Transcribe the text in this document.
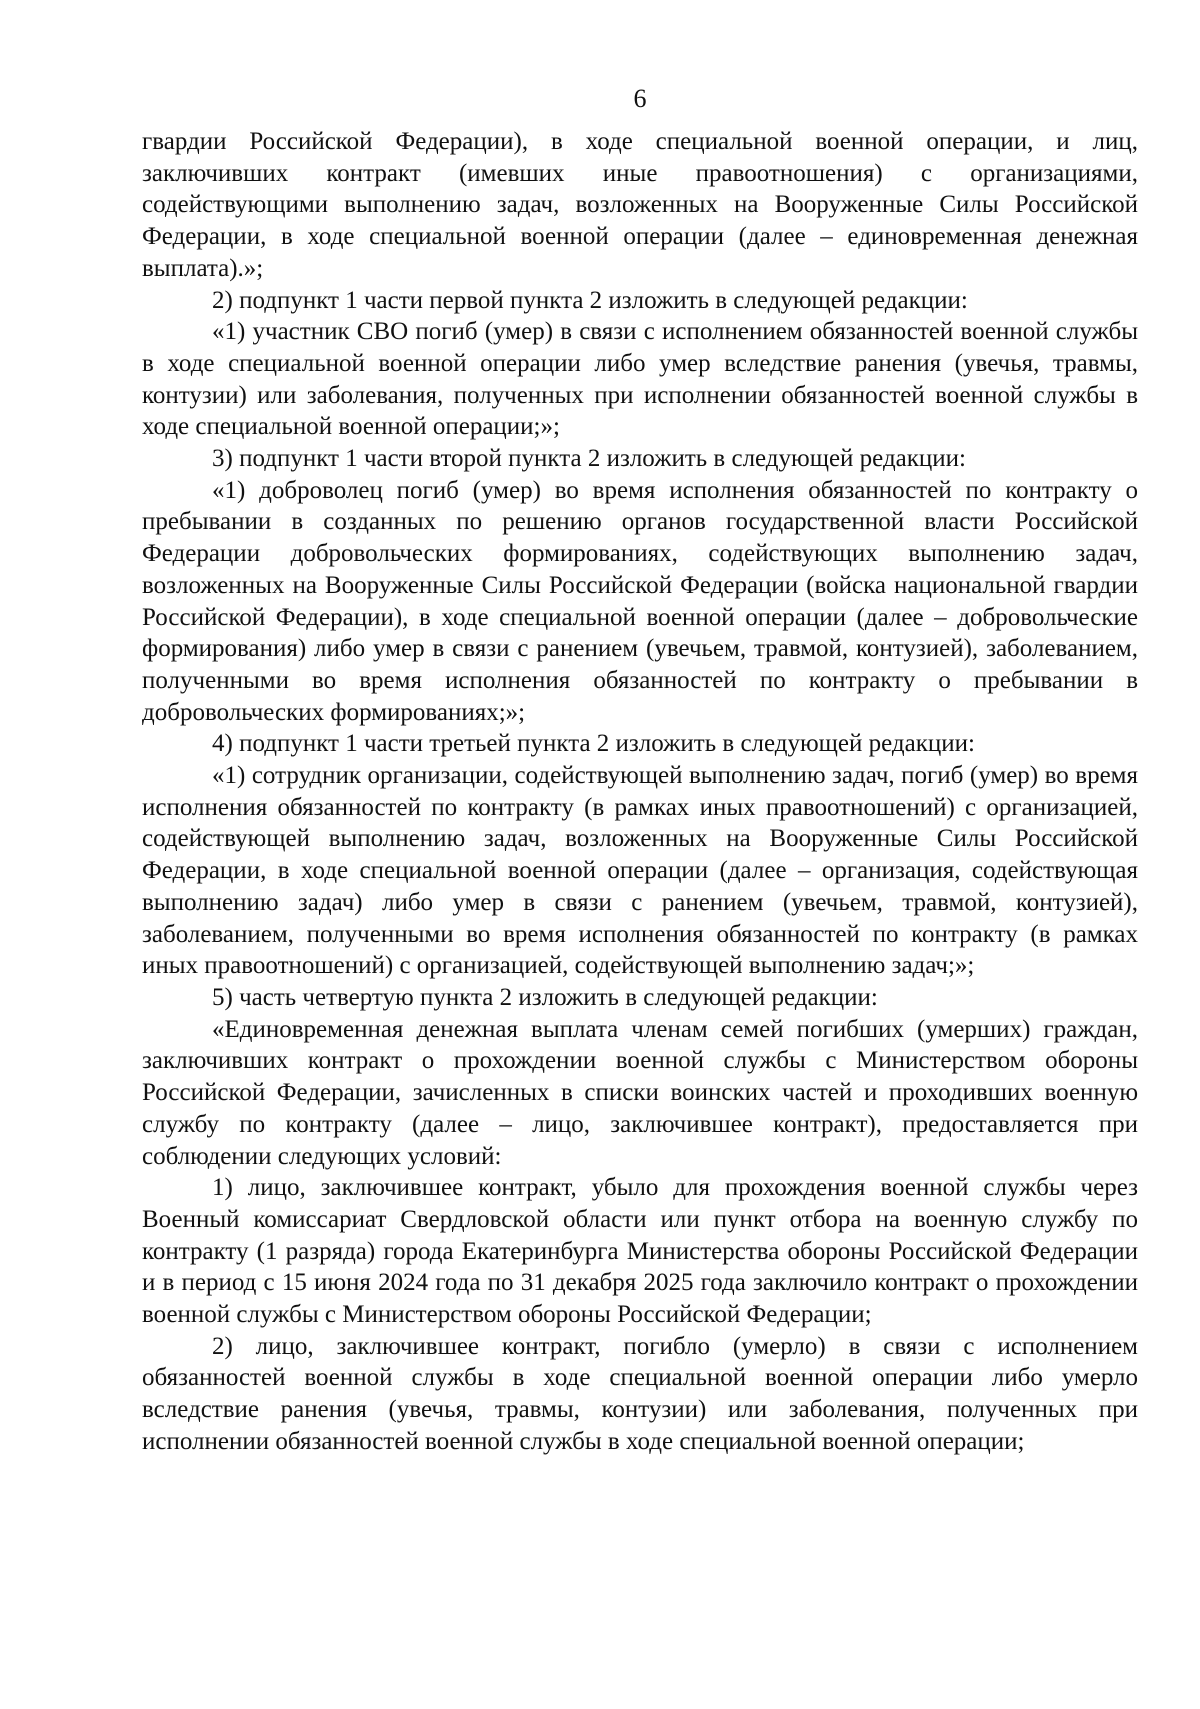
6

гвардии Российской Федерации), в ходе специальной военной операции, и лиц, заключивших контракт (имевших иные правоотношения) с организациями, содействующими выполнению задач, возложенных на Вооруженные Силы Российской Федерации, в ходе специальной военной операции (далее – единовременная денежная выплата).»;

2) подпункт 1 части первой пункта 2 изложить в следующей редакции:

«1) участник СВО погиб (умер) в связи с исполнением обязанностей военной службы в ходе специальной военной операции либо умер вследствие ранения (увечья, травмы, контузии) или заболевания, полученных при исполнении обязанностей военной службы в ходе специальной военной операции;»;

3) подпункт 1 части второй пункта 2 изложить в следующей редакции:

«1) доброволец погиб (умер) во время исполнения обязанностей по контракту о пребывании в созданных по решению органов государственной власти Российской Федерации добровольческих формированиях, содействующих выполнению задач, возложенных на Вооруженные Силы Российской Федерации (войска национальной гвардии Российской Федерации), в ходе специальной военной операции (далее – добровольческие формирования) либо умер в связи с ранением (увечьем, травмой, контузией), заболеванием, полученными во время исполнения обязанностей по контракту о пребывании в добровольческих формированиях;»;

4) подпункт 1 части третьей пункта 2 изложить в следующей редакции:

«1) сотрудник организации, содействующей выполнению задач, погиб (умер) во время исполнения обязанностей по контракту (в рамках иных правоотношений) с организацией, содействующей выполнению задач, возложенных на Вооруженные Силы Российской Федерации, в ходе специальной военной операции (далее – организация, содействующая выполнению задач) либо умер в связи с ранением (увечьем, травмой, контузией), заболеванием, полученными во время исполнения обязанностей по контракту (в рамках иных правоотношений) с организацией, содействующей выполнению задач;»;

5) часть четвертую пункта 2 изложить в следующей редакции:

«Единовременная денежная выплата членам семей погибших (умерших) граждан, заключивших контракт о прохождении военной службы с Министерством обороны Российской Федерации, зачисленных в списки воинских частей и проходивших военную службу по контракту (далее – лицо, заключившее контракт), предоставляется при соблюдении следующих условий:

1) лицо, заключившее контракт, убыло для прохождения военной службы через Военный комиссариат Свердловской области или пункт отбора на военную службу по контракту (1 разряда) города Екатеринбурга Министерства обороны Российской Федерации и в период с 15 июня 2024 года по 31 декабря 2025 года заключило контракт о прохождении военной службы с Министерством обороны Российской Федерации;

2) лицо, заключившее контракт, погибло (умерло) в связи с исполнением обязанностей военной службы в ходе специальной военной операции либо умерло вследствие ранения (увечья, травмы, контузии) или заболевания, полученных при исполнении обязанностей военной службы в ходе специальной военной операции;
